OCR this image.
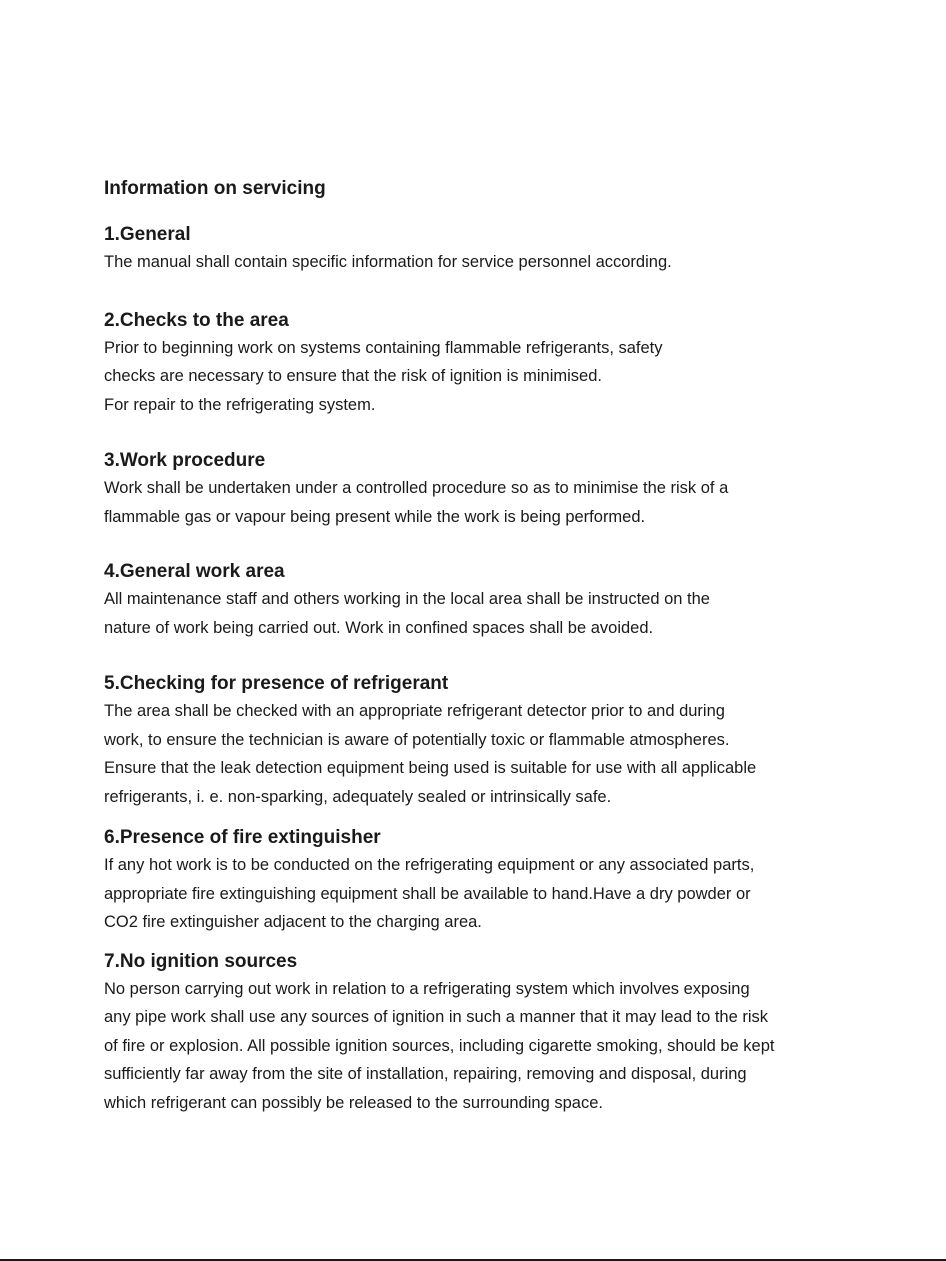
Information on servicing
1.General

The manual shall contain specific information for service personnel according.

2.Checks to the area

Prior to beginning work on systems containing flammable refrigerants, safety

checks are necessary to ensure that the risk of ignition is minimised.

For repair to the refrigerating system.

3.Work procedure

Work shall be undertaken under a controlled procedure so as to minimise the risk of a

flammable gas or vapour being present while the work is being performed.

4.General work area

All maintenance staff and others working in the local area shall be instructed on the

nature of work being carried out. Work in confined spaces shall be avoided.

5.Checking for presence of refrigerant

The area shall be checked with an appropriate refrigerant detector prior to and during

work, to ensure the technician is aware of potentially toxic or flammable atmospheres.

Ensure that the leak detection equipment being used is suitable for use with all applicable

refrigerants, i. e. non-sparking, adequately sealed or intrinsically safe.

6.Presence of fire extinguisher

If any hot work is to be conducted on the refrigerating equipment or any associated parts,

appropriate fire extinguishing equipment shall be available to hand.Have a dry powder or

CO2 fire extinguisher adjacent to the charging area.

7.No ignition sources

No person carrying out work in relation to a refrigerating system which involves exposing

any pipe work shall use any sources of ignition in such a manner that it may lead to the risk

of fire or explosion. All possible ignition sources, including cigarette smoking, should be kept

sufficiently far away from the site of installation, repairing, removing and disposal, during

which refrigerant can possibly be released to the surrounding space.
